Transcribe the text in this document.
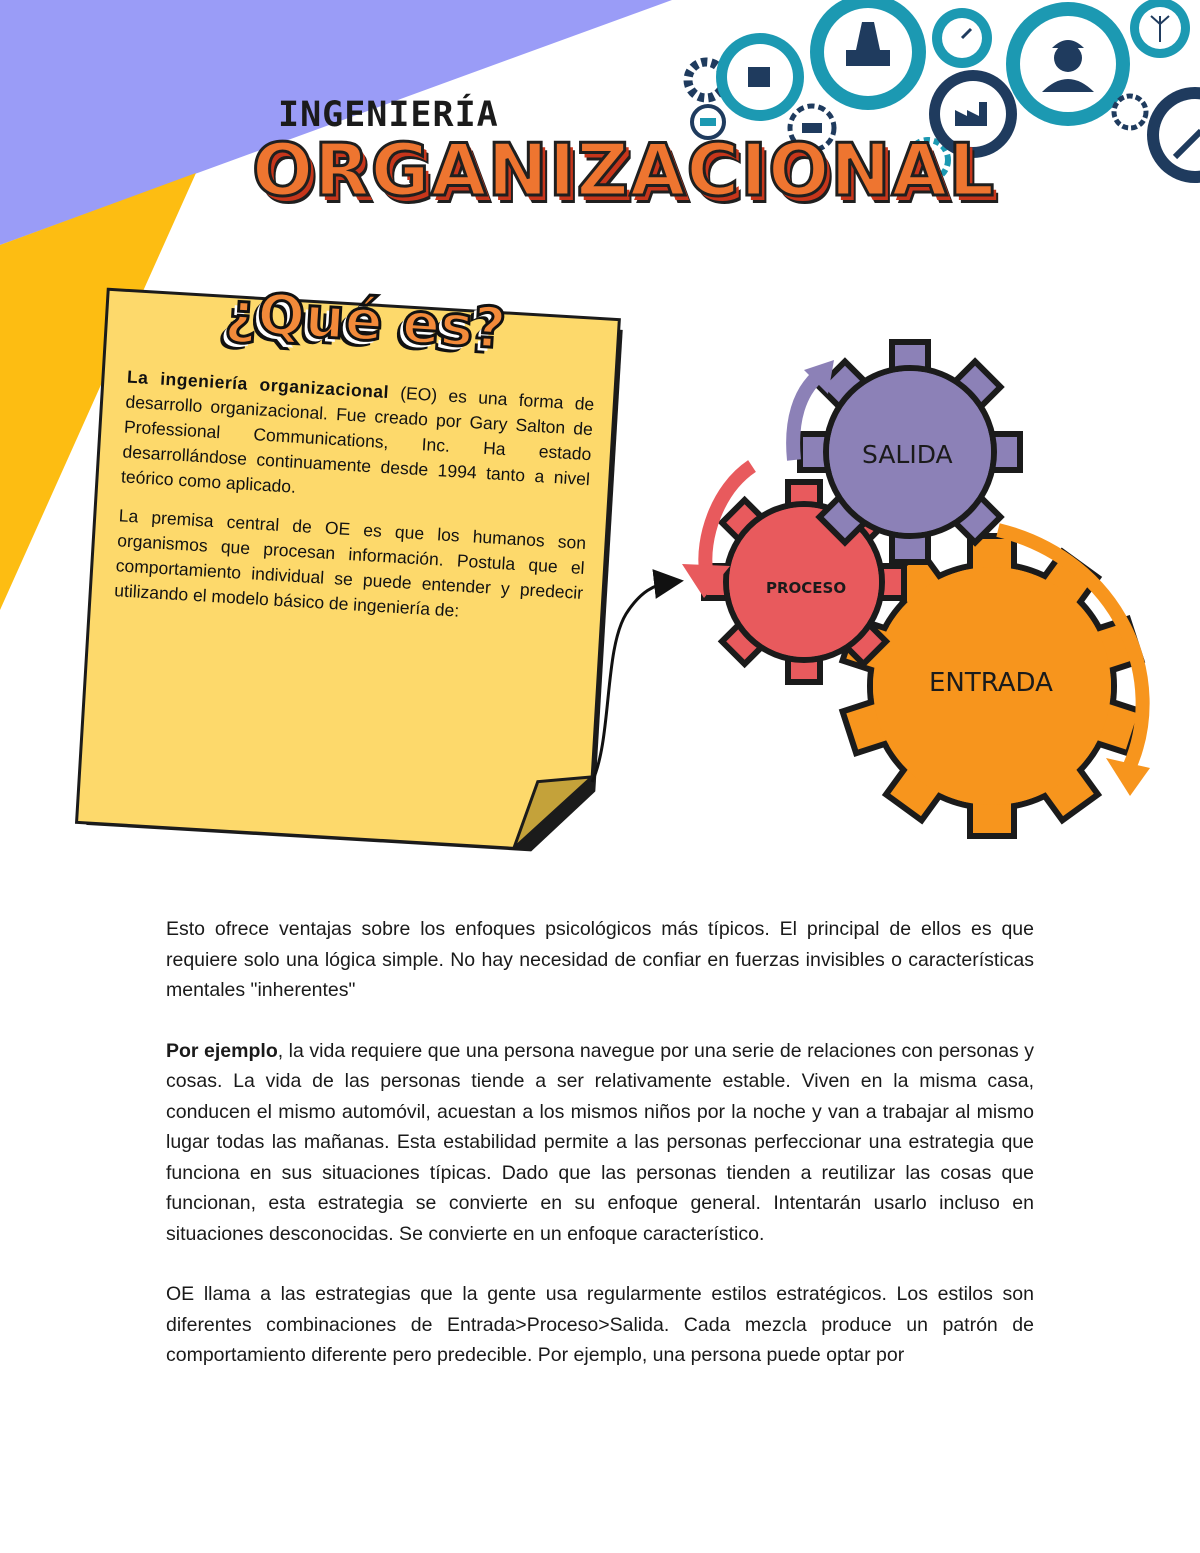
INGENIERÍA
ORGANIZACIONAL
¿Qué es?

La ingeniería organizacional (EO) es una forma de desarrollo organizacional. Fue creado por Gary Salton de Professional Communications, Inc. Ha estado desarrollándose continuamente desde 1994 tanto a nivel teórico como aplicado.

La premisa central de OE es que los humanos son organismos que procesan información. Postula que el comportamiento individual se puede entender y predecir utilizando el modelo básico de ingeniería de:

SALIDA
PROCESO
ENTRADA

Esto ofrece ventajas sobre los enfoques psicológicos más típicos. El principal de ellos es que requiere solo una lógica simple. No hay necesidad de confiar en fuerzas invisibles o características mentales "inherentes"

Por ejemplo, la vida requiere que una persona navegue por una serie de relaciones con personas y cosas. La vida de las personas tiende a ser relativamente estable. Viven en la misma casa, conducen el mismo automóvil, acuestan a los mismos niños por la noche y van a trabajar al mismo lugar todas las mañanas. Esta estabilidad permite a las personas perfeccionar una estrategia que funciona en sus situaciones típicas. Dado que las personas tienden a reutilizar las cosas que funcionan, esta estrategia se convierte en su enfoque general. Intentarán usarlo incluso en situaciones desconocidas. Se convierte en un enfoque característico.

OE llama a las estrategias que la gente usa regularmente estilos estratégicos. Los estilos son diferentes combinaciones de Entrada>Proceso>Salida. Cada mezcla produce un patrón de comportamiento diferente pero predecible. Por ejemplo, una persona puede optar por
